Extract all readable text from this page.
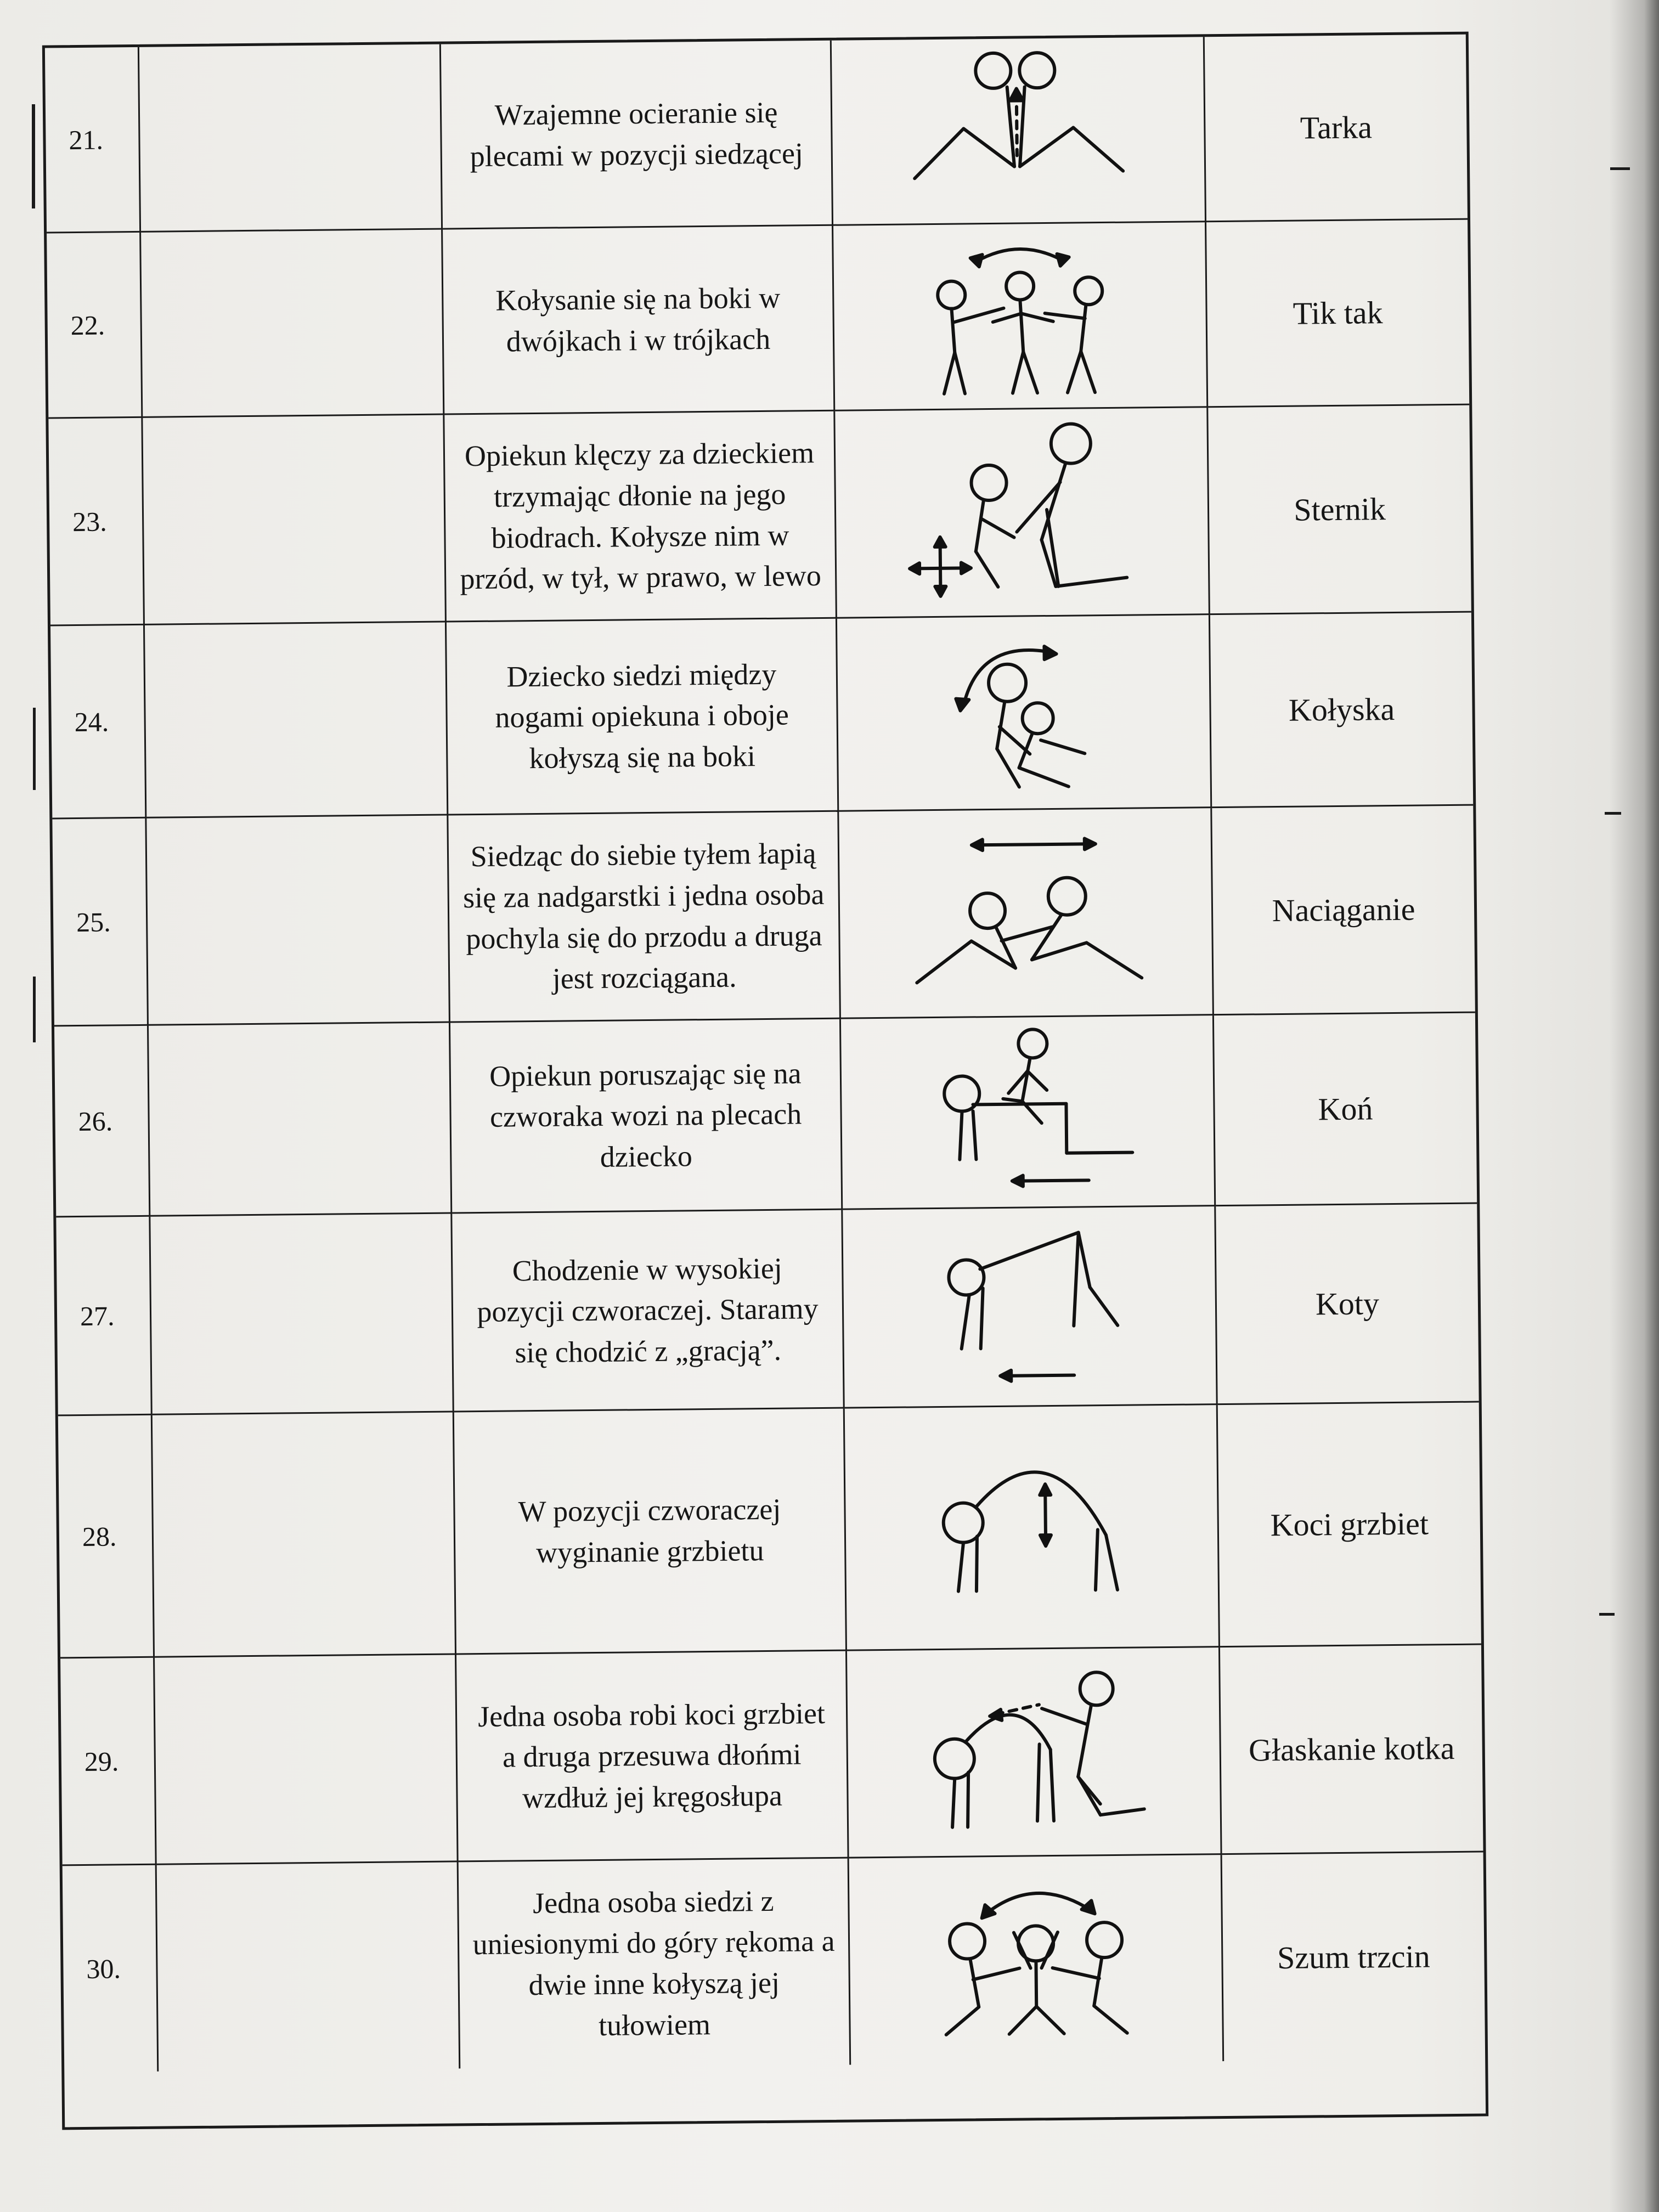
21.
Wzajemne ocieranie się plecami w pozycji siedzącej
Tarka
22.
Kołysanie się na boki w dwójkach i w trójkach
Tik tak
23.
Opiekun klęczy za dzieckiem trzymając dłonie na jego biodrach. Kołysze nim w przód, w tył, w prawo, w lewo
Sternik
24.
Dziecko siedzi między nogami opiekuna i oboje kołyszą się na boki
Kołyska
25.
Siedząc do siebie tyłem łapią się za nadgarstki i jedna osoba pochyla się do przodu a druga jest rozciągana.
Naciąganie
26.
Opiekun poruszając się na czworaka wozi na plecach dziecko
Koń
27.
Chodzenie w wysokiej pozycji czworaczej. Staramy się chodzić z „gracją”.
Koty
28.
W pozycji czworaczej wyginanie grzbietu
Koci grzbiet
29.
Jedna osoba robi koci grzbiet a druga przesuwa dłońmi wzdłuż jej kręgosłupa
Głaskanie kotka
30.
Jedna osoba siedzi z uniesionymi do góry rękoma a dwie inne kołyszą jej tułowiem
Szum trzcin
